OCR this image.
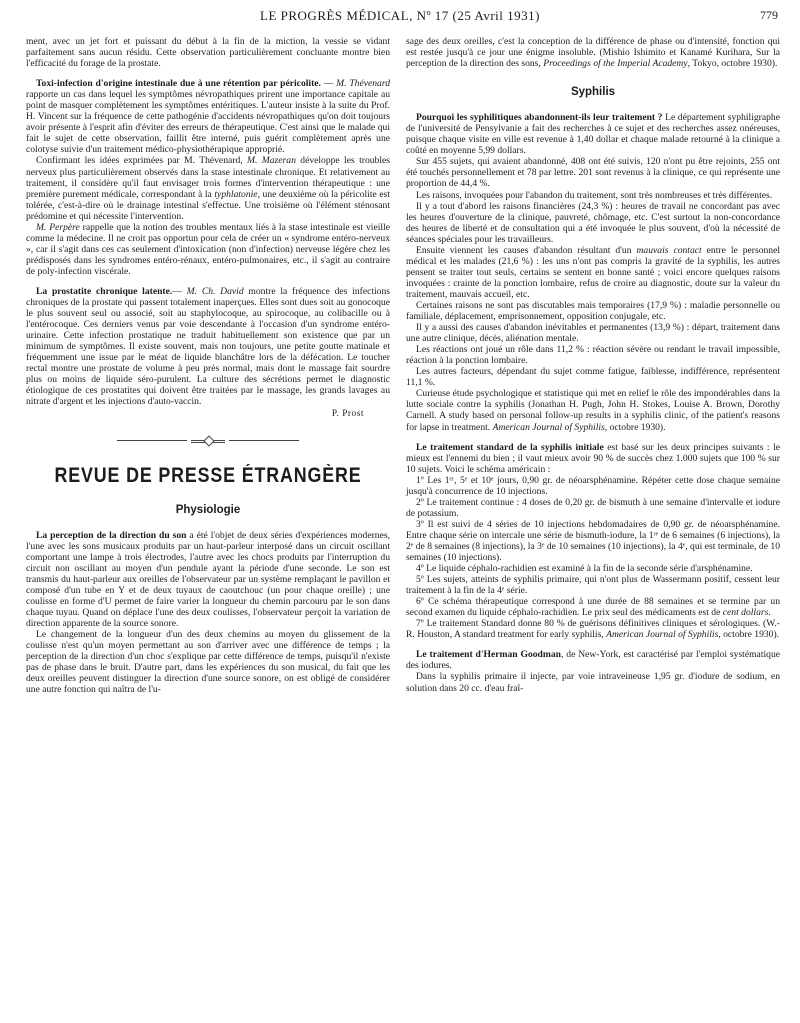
LE PROGRÈS MÉDICAL, Nº 17 (25 Avril 1931)	779

ment, avec un jet fort et puissant du début à la fin de la miction, la vessie se vidant parfaitement sans aucun résidu. Cette observation particulièrement concluante montre bien l'efficacité du forage de la prostate.

Toxi-infection d'origine intestinale due à une rétention par péricolite. — M. Thévenard rapporte un cas dans lequel les symptômes névropathiques prirent une importance capitale au point de masquer complètement les symptômes entéritiques. L'auteur insiste à la suite du Prof. H. Vincent sur la fréquence de cette pathogénie d'accidents névropathiques qu'on doit toujours avoir présente à l'esprit afin d'éviter des erreurs de thérapeutique. C'est ainsi que le malade qui fait le sujet de cette observation, faillit être interné, puis guérit complètement après une colotyse suivie d'un traitement médico-physiothérapique approprié.

Confirmant les idées exprimées par M. Thévenard, M. Mazeran développe les troubles nerveux plus particulièrement observés dans la stase intestinale chronique. Et relativement au traitement, il considère qu'il faut envisager trois formes d'intervention thérapeutique : une première purement médicale, correspondant à la typhlatonie, une deuxième où la péricolite est tolérée, c'est-à-dire où le drainage intestinal s'effectue. Une troisième où l'élément sténosant prédomine et qui nécessite l'intervention.

M. Perpère rappelle que la notion des troubles mentaux liés à la stase intestinale est vieille comme la médecine. Il ne croit pas opportun pour cela de créer un « syndrome entéro-nerveux », car il s'agit dans ces cas seulement d'intoxication (non d'infection) nerveuse légère chez les prédisposés dans les syndromes entéro-rénaux, entéro-pulmonaires, etc., il s'agit au contraire de poly-infection viscérale.

La prostatite chronique latente.— M. Ch. David montre la fréquence des infections chroniques de la prostate qui passent totalement inaperçues. Elles sont dues soit au gonocoque le plus souvent seul ou associé, soit au staphylocoque, au spirocoque, au colibacille ou à l'entérocoque. Ces derniers venus par voie descendante à l'occasion d'un syndrome entéro-urinaire. Cette infection prostatique ne traduit habituellement son existence que par un minimum de symptômes. Il existe souvent, mais non toujours, une petite goutte matinale et fréquemment une issue par le méat de liquide blanchâtre lors de la défécation. Le toucher rectal montre une prostate de volume à peu près normal, mais dont le massage fait sourdre plus ou moins de liquide séro-purulent. La culture des sécrétions permet le diagnostic étiologique de ces prostatites qui doivent être traitées par le massage, les grands lavages au nitrate d'argent et les injections d'auto-vaccin.

P. Prost
REVUE DE PRESSE ÉTRANGÈRE
Physiologie

La perception de la direction du son a été l'objet de deux séries d'expériences modernes, l'une avec les sons musicaux produits par un haut-parleur interposé dans un circuit oscillant comportant une lampe à trois électrodes, l'autre avec les chocs produits par l'interruption du circuit non oscillant au moyen d'un pendule ayant la période d'une seconde. Le son est transmis du haut-parleur aux oreilles de l'observateur par un système remplaçant le pavillon et composé d'un tube en Y et de deux tuyaux de caoutchouc (un pour chaque oreille) ; une coulisse en forme d'U permet de faire varier la longueur du chemin parcouru par le son dans chaque tuyau. Quand on déplace l'une des deux coulisses, l'observateur perçoit la variation de direction apparente de la source sonore.

Le changement de la longueur d'un des deux chemins au moyen du glissement de la coulisse n'est qu'un moyen permettant au son d'arriver avec une différence de temps ; la perception de la direction d'un choc s'explique par cette différence de temps, puisqu'il n'existe pas de phase dans le bruit. D'autre part, dans les expériences du son musical, du fait que les deux oreilles peuvent distinguer la direction d'une source sonore, on est obligé de considérer une autre fonction qui naîtra de l'u-

sage des deux oreilles, c'est la conception de la différence de phase ou d'intensité, fonction qui est restée jusqu'à ce jour une énigme insoluble. (Mishio Ishimito et Kanamé Kurihara, Sur la perception de la direction des sons, Proceedings of the Imperial Academy, Tokyo, octobre 1930).

Syphilis

Pourquoi les syphilitiques abandonnent-ils leur traitement ? Le département syphiligraphe de l'université de Pensylvanie a fait des recherches à ce sujet et des recherches assez onéreuses, puisque chaque visite en ville est revenue à 1,40 dollar et chaque malade retourné à la clinique a coûté en moyenne 5,99 dollars.

Sur 455 sujets, qui avaient abandonné, 408 ont été suivis, 120 n'ont pu être rejoints, 255 ont été touchés personnellement et 78 par lettre. 201 sont revenus à la clinique, ce qui représente une proportion de 44,4 %.

Les raisons, invoquées pour l'abandon du traitement, sont très nombreuses et très différentes.

Il y a tout d'abord les raisons financières (24,3 %) : heures de travail ne concordant pas avec les heures d'ouverture de la clinique, pauvreté, chômage, etc. C'est surtout la non-concordance des heures de liberté et de consultation qui a été invoquée le plus souvent, d'où la nécessité de séances spéciales pour les travailleurs.

Ensuite viennent les causes d'abandon résultant d'un mauvais contact entre le personnel médical et les malades (21,6 %) : les uns n'ont pas compris la gravité de la syphilis, les autres pensent se traiter tout seuls, certains se sentent en bonne santé ; voici encore quelques raisons invoquées : crainte de la ponction lombaire, refus de croire au diagnostic, doute sur la valeur du traitement, mauvais accueil, etc.

Certaines raisons ne sont pas discutables mais temporaires (17,9 %) : maladie personnelle ou familiale, déplacement, emprisonnement, opposition conjugale, etc.

Il y a aussi des causes d'abandon inévitables et permanentes (13,9 %) : départ, traitement dans une autre clinique, décès, aliénation mentale.

Les réactions ont joué un rôle dans 11,2 % : réaction sévère ou rendant le travail impossible, réaction à la ponction lombaire.

Les autres facteurs, dépendant du sujet comme fatigue, faiblesse, indifférence, représentent 11,1 %.

Curieuse étude psychologique et statistique qui met en relief le rôle des impondérables dans la lutte sociale contre la syphilis (Jonathan H. Pugh, John H. Stokes, Louise A. Brown, Dorothy Carnell. A study based on personal follow-up results in a syphilis clinic, of the patient's reasons for lapse in treatment. American Journal of Syphilis, octobre 1930).

Le traitement standard de la syphilis initiale est basé sur les deux principes suivants : le mieux est l'ennemi du bien ; il vaut mieux avoir 90 % de succès chez 1.000 sujets que 100 % sur 10 sujets. Voici le schéma américain :

1º Les 1ᵉʳ, 5ᵉ et 10ᵉ jours, 0,90 gr. de néoarsphénamine. Répéter cette dose chaque semaine jusqu'à concurrence de 10 injections.

2º Le traitement continue : 4 doses de 0,20 gr. de bismuth à une semaine d'intervalle et iodure de potassium.

3º Il est suivi de 4 séries de 10 injections hebdomadaires de 0,90 gr. de néoarsphénamine. Entre chaque série on intercale une série de bismuth-iodure, la 1ʳᵉ de 6 semaines (6 injections), la 2ᵉ de 8 semaines (8 injections), la 3ᵉ de 10 semaines (10 injections), la 4ᵉ, qui est terminale, de 10 semaines (10 injections).

4º Le liquide céphalo-rachidien est examiné à la fin de la seconde série d'arsphénamine.

5º Les sujets, atteints de syphilis primaire, qui n'ont plus de Wassermann positif, cessent leur traitement à la fin de la 4ᵉ série.

6º Ce schéma thérapeutique correspond à une durée de 88 semaines et se termine par un second examen du liquide céphalo-rachidien. Le prix seul des médicaments est de cent dollars.

7º Le traitement Standard donne 80 % de guérisons définitives cliniques et sérologiques. (W.-R. Houston, A standard treatment for early syphilis, American Journal of Syphilis, octobre 1930).

Le traitement d'Herman Goodman, de New-York, est caractérisé par l'emploi systématique des iodures.

Dans la syphilis primaire il injecte, par voie intraveineuse 1,95 gr. d'iodure de sodium, en solution dans 20 cc. d'eau fraî-
